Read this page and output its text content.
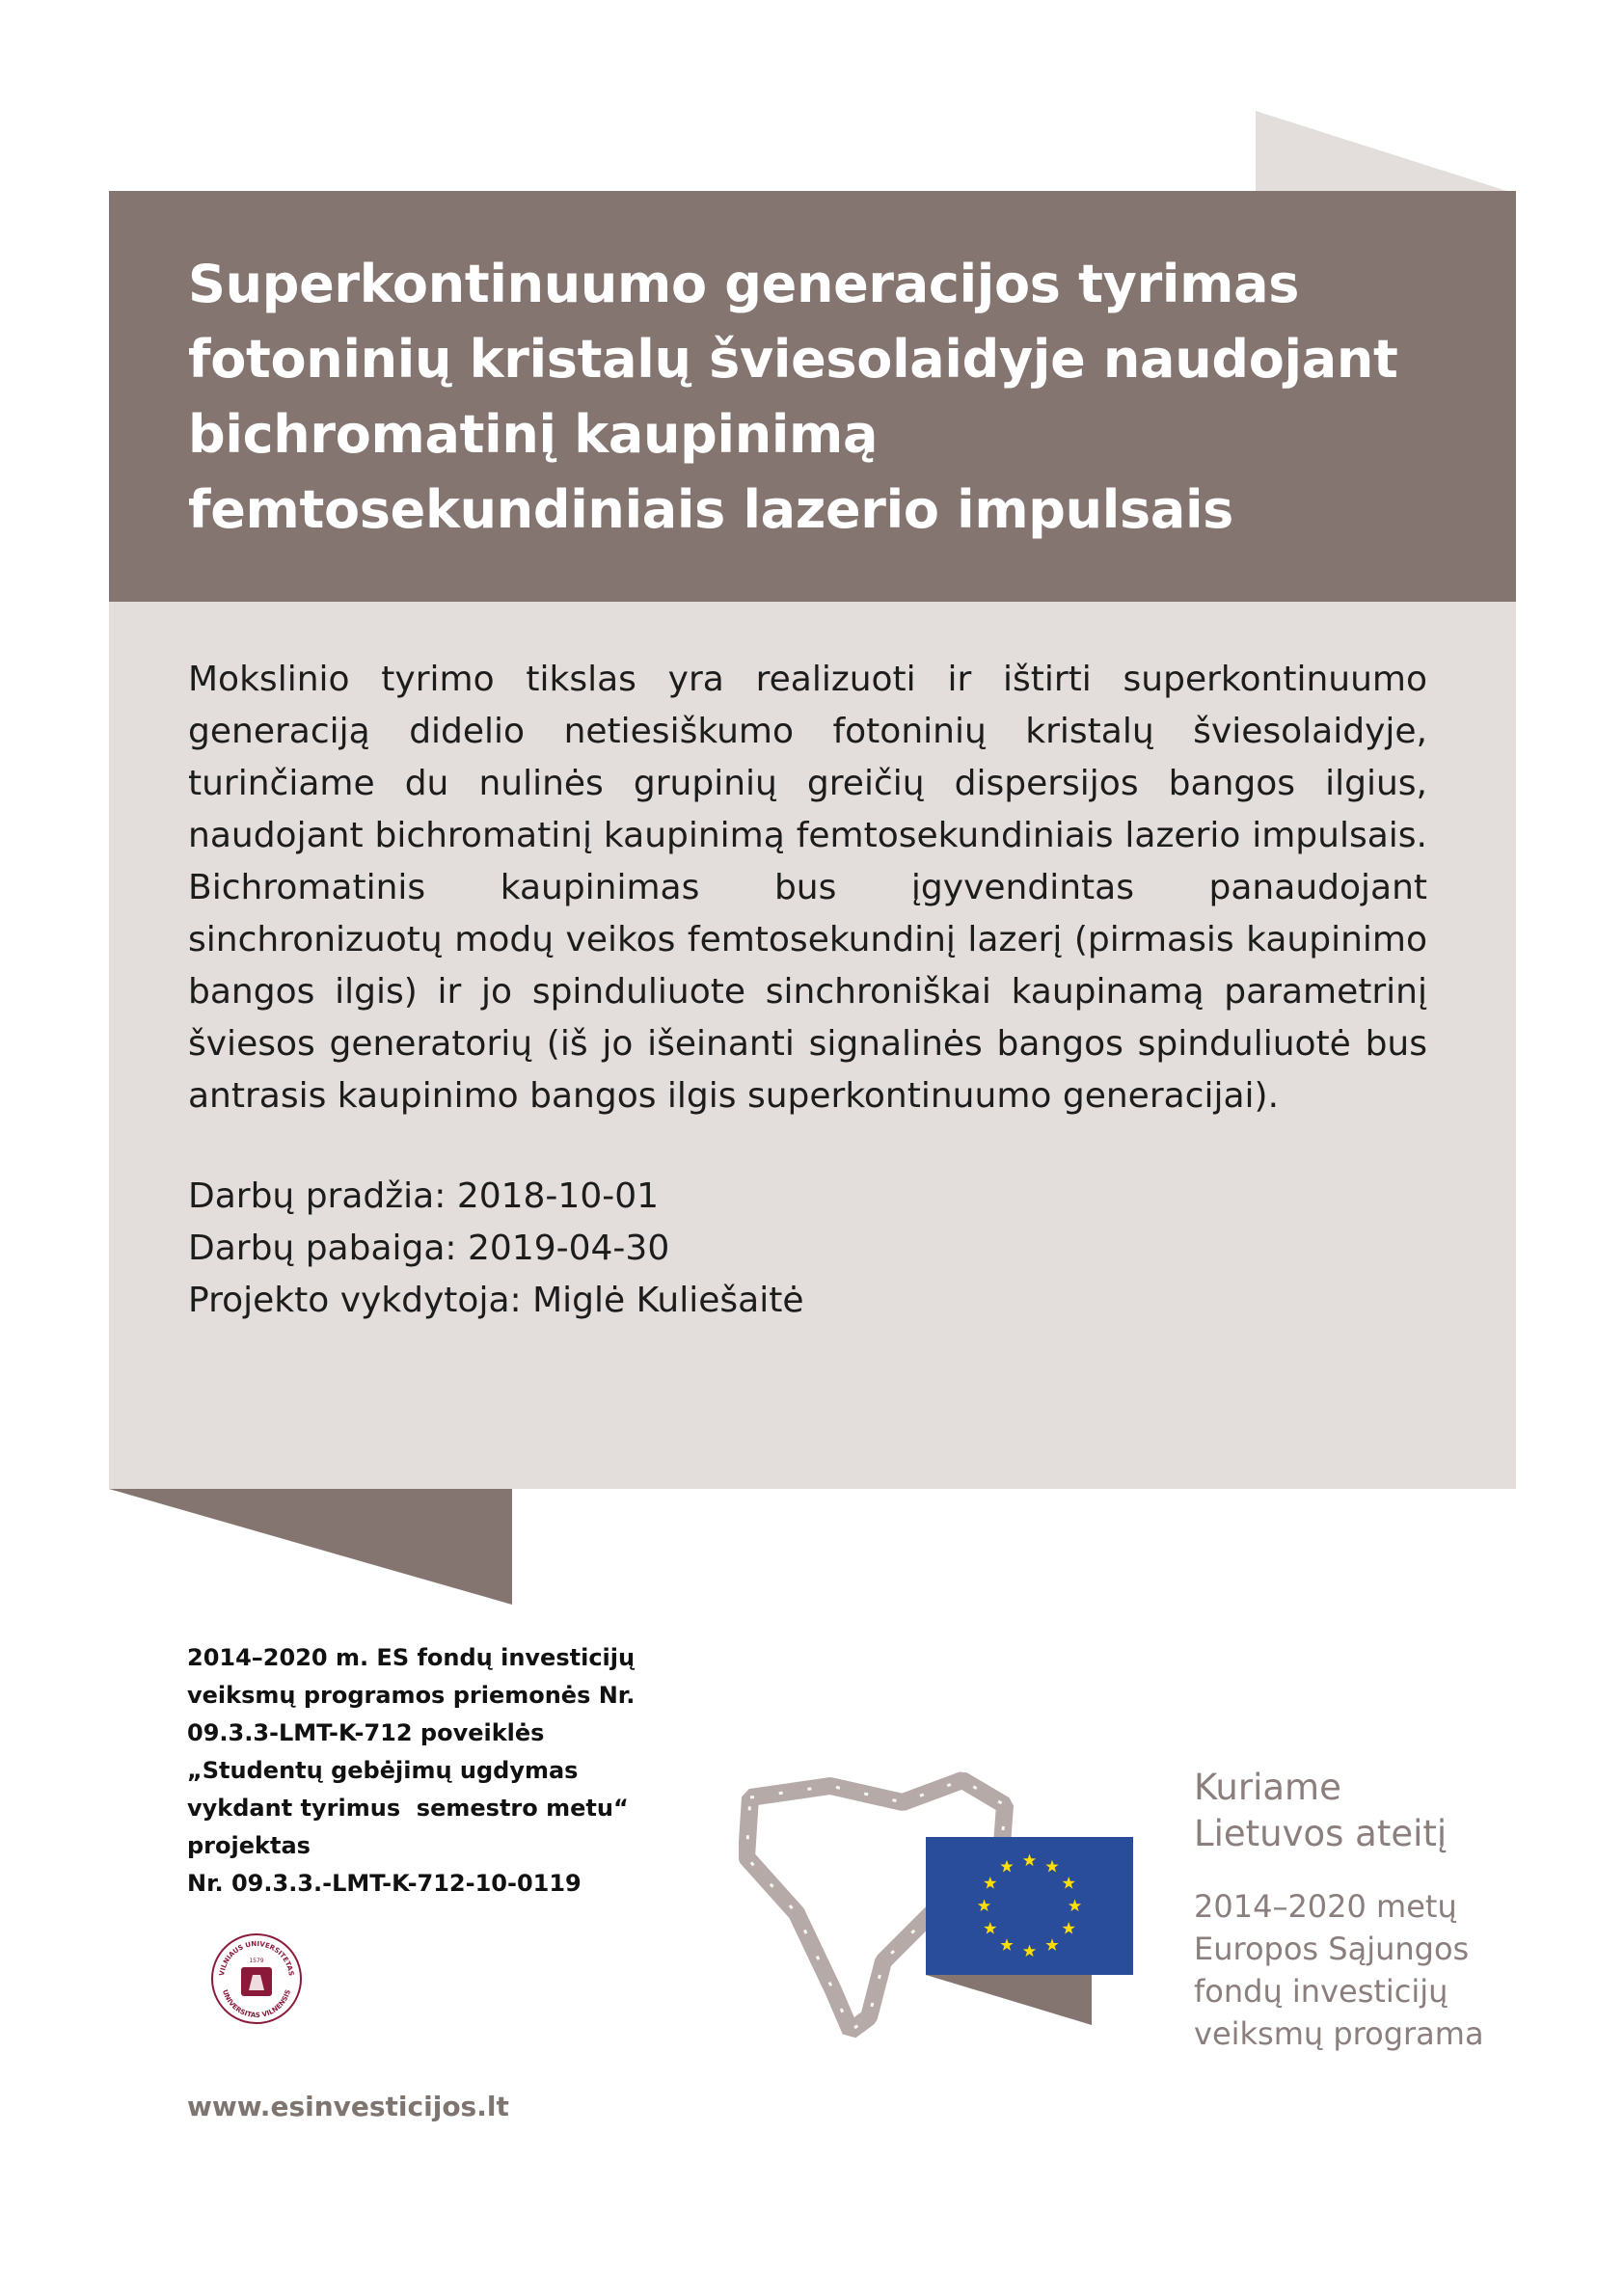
Superkontinuumo generacijos tyrimas fotoninių kristalų šviesolaidyje naudojant bichromatinį kaupinimą femtosekundiniais lazerio impulsais

Mokslinio tyrimo tikslas yra realizuoti ir ištirti superkontinuumo generaciją didelio netiesiškumo fotoninių kristalų šviesolaidyje, turinčiame du nulinės grupinių greičių dispersijos bangos ilgius, naudojant bichromatinį kaupinimą femtosekundiniais lazerio impulsais. Bichromatinis kaupinimas bus įgyvendintas panaudojant sinchronizuotų modų veikos femtosekundinį lazerį (pirmasis kaupinimo bangos ilgis) ir jo spinduliuote sinchroniškai kaupinamą parametrinį šviesos generatorių (iš jo išeinanti signalinės bangos spinduliuotė bus antrasis kaupinimo bangos ilgis superkontinuumo generacijai).

Darbų pradžia: 2018-10-01
Darbų pabaiga: 2019-04-30
Projekto vykdytoja: Miglė Kuliešaitė
2014–2020 m. ES fondų investicijų
veiksmų programos priemonės Nr.
09.3.3-LMT-K-712 poveiklės
„Studentų gebėjimų ugdymas
vykdant tyrimus  semestro metu“
projektas
Nr. 09.3.3.-LMT-K-712-10-0119
VILNIAUS UNIVERSITETAS
UNIVERSITAS VILNENSIS
1579
Kuriame
Lietuvos ateitį
2014–2020 metų
Europos Sąjungos
fondų investicijų
veiksmų programa
www.esinvesticijos.lt
